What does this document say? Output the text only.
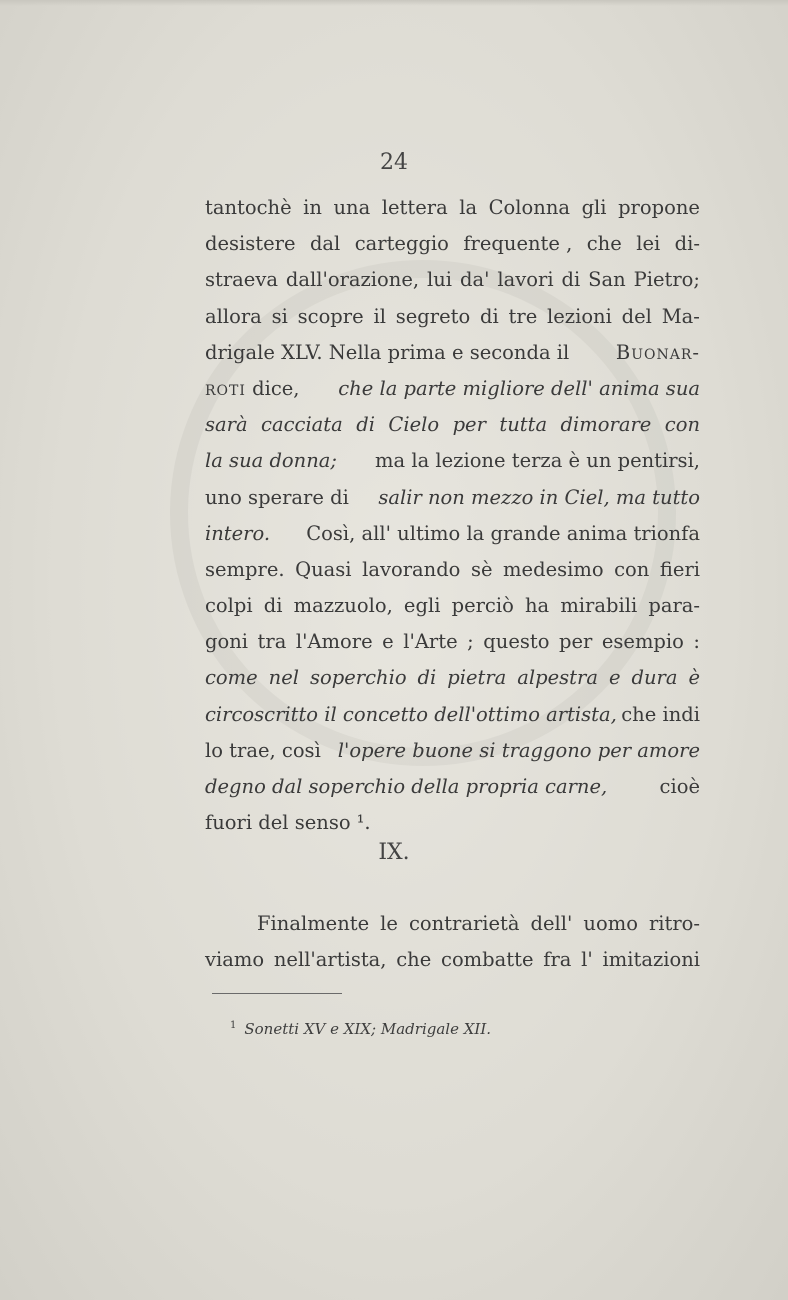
24
tantochè in una lettera la Colonna gli propone
desistere dal carteggio frequente , che lei di-
straeva dall'orazione, lui da' lavori di San Pietro;
allora si scopre il segreto di tre lezioni del Ma-
drigale XLV. Nella prima e seconda il Buonar-
roti dice, che la parte migliore dell' anima sua
sarà cacciata di Cielo per tutta dimorare con
la sua donna; ma la lezione terza è un pentirsi,
uno sperare di salir non mezzo in Ciel, ma tutto
intero. Così, all' ultimo la grande anima trionfa
sempre. Quasi lavorando sè medesimo con fieri
colpi di mazzuolo, egli perciò ha mirabili para-
goni tra l'Amore e l'Arte ; questo per esempio :
come nel soperchio di pietra alpestra e dura è
circoscritto il concetto dell'ottimo artista, che indi
lo trae, così l'opere buone si traggono per amore
degno dal soperchio della propria carne,	cioè
fuori del senso ¹.
IX.
Finalmente le contrarietà dell' uomo ritro-
viamo nell'artista, che combatte fra l' imitazioni
$^1$ Sonetti XV e XIX; Madrigale XII.
